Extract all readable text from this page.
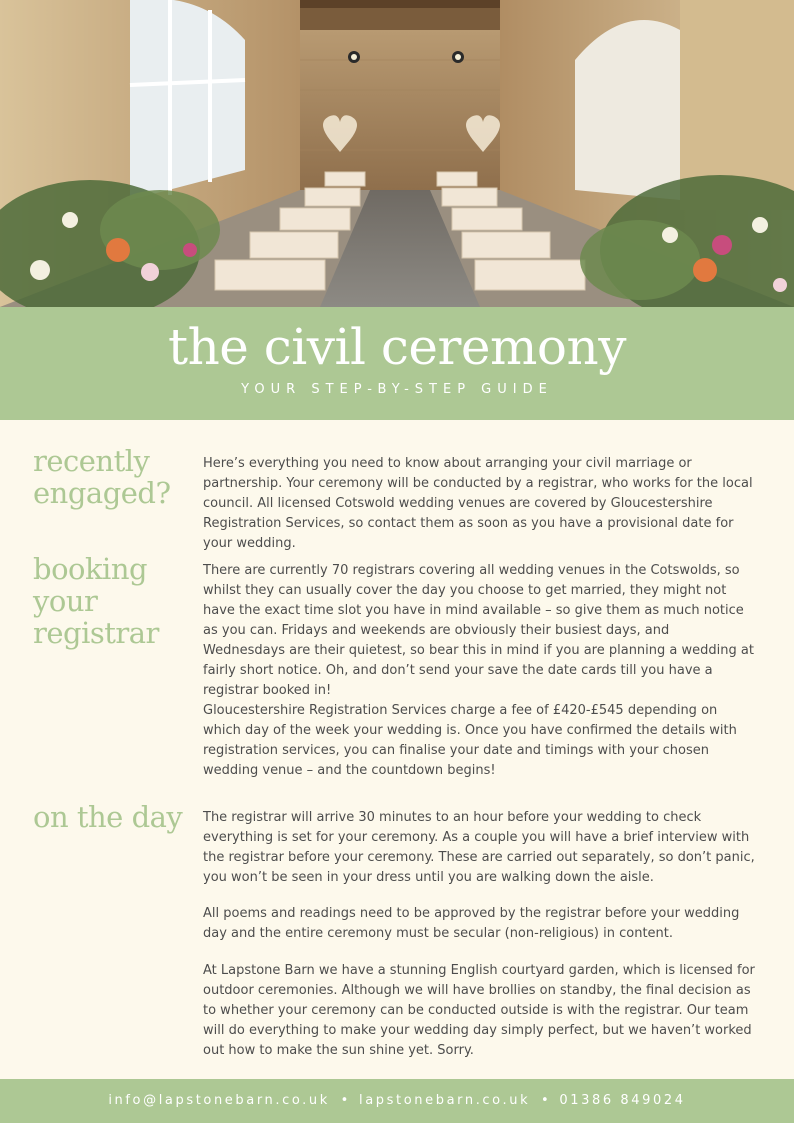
the civil ceremony
YOUR STEP-BY-STEP GUIDE
recently engaged?

Here’s everything you need to know about arranging your civil marriage or partnership. Your ceremony will be conducted by a registrar, who works for the local council. All licensed Cotswold wedding venues are covered by Gloucestershire Registration Services, so contact them as soon as you have a provisional date for your wedding.

booking your registrar

There are currently 70 registrars covering all wedding venues in the Cotswolds, so whilst they can usually cover the day you choose to get married, they might not have the exact time slot you have in mind available – so give them as much notice as you can. Fridays and weekends are obviously their busiest days, and Wednesdays are their quietest, so bear this in mind if you are planning a wedding at fairly short notice. Oh, and don’t send your save the date cards till you have a registrar booked in!

Gloucestershire Registration Services charge a fee of £420-£545 depending on which day of the week your wedding is. Once you have confirmed the details with registration services, you can finalise your date and timings with your chosen wedding venue – and the countdown begins!

on the day	The registrar will arrive 30 minutes to an hour before your wedding to check everything is set for your ceremony. As a couple you will have a brief interview with the registrar before your ceremony. These are carried out separately, so don’t panic, you won’t be seen in your dress until you are walking down the aisle.

All poems and readings need to be approved by the registrar before your wedding day and the entire ceremony must be secular (non-religious) in content.

At Lapstone Barn we have a stunning English courtyard garden, which is licensed for outdoor ceremonies. Although we will have brollies on standby, the final decision as to whether your ceremony can be conducted outside is with the registrar. Our team will do everything to make your wedding day simply perfect, but we haven’t worked out how to make the sun shine yet. Sorry.

info@lapstonebarn.co.uk • lapstonebarn.co.uk • 01386 849024
